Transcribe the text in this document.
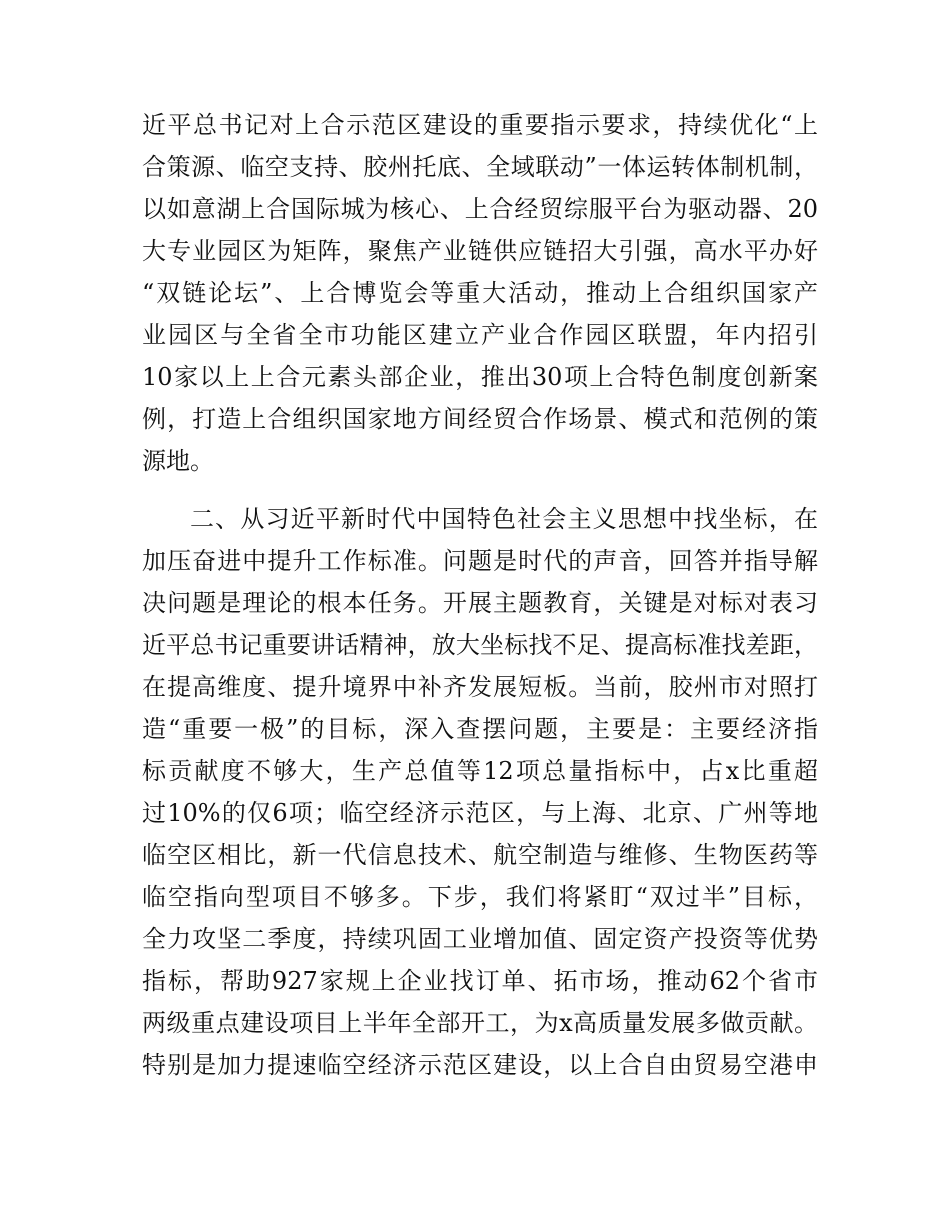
近平总书记对上合示范区建设的重要指示要求，持续优化“上
合策源、临空支持、胶州托底、全域联动”一体运转体制机制，
以如意湖上合国际城为核心、上合经贸综服平台为驱动器、20
大专业园区为矩阵，聚焦产业链供应链招大引强，高水平办好
“双链论坛”、上合博览会等重大活动，推动上合组织国家产
业园区与全省全市功能区建立产业合作园区联盟，年内招引
10家以上上合元素头部企业，推出30项上合特色制度创新案
例，打造上合组织国家地方间经贸合作场景、模式和范例的策
源地。
二、从习近平新时代中国特色社会主义思想中找坐标，在
加压奋进中提升工作标准。问题是时代的声音，回答并指导解
决问题是理论的根本任务。开展主题教育，关键是对标对表习
近平总书记重要讲话精神，放大坐标找不足、提高标准找差距，
在提高维度、提升境界中补齐发展短板。当前，胶州市对照打
造“重要一极”的目标，深入查摆问题，主要是：主要经济指
标贡献度不够大，生产总值等12项总量指标中，占x比重超
过10%的仅6项；临空经济示范区，与上海、北京、广州等地
临空区相比，新一代信息技术、航空制造与维修、生物医药等
临空指向型项目不够多。下步，我们将紧盯“双过半”目标，
全力攻坚二季度，持续巩固工业增加值、固定资产投资等优势
指标，帮助927家规上企业找订单、拓市场，推动62个省市
两级重点建设项目上半年全部开工，为x高质量发展多做贡献。
特别是加力提速临空经济示范区建设，以上合自由贸易空港申
